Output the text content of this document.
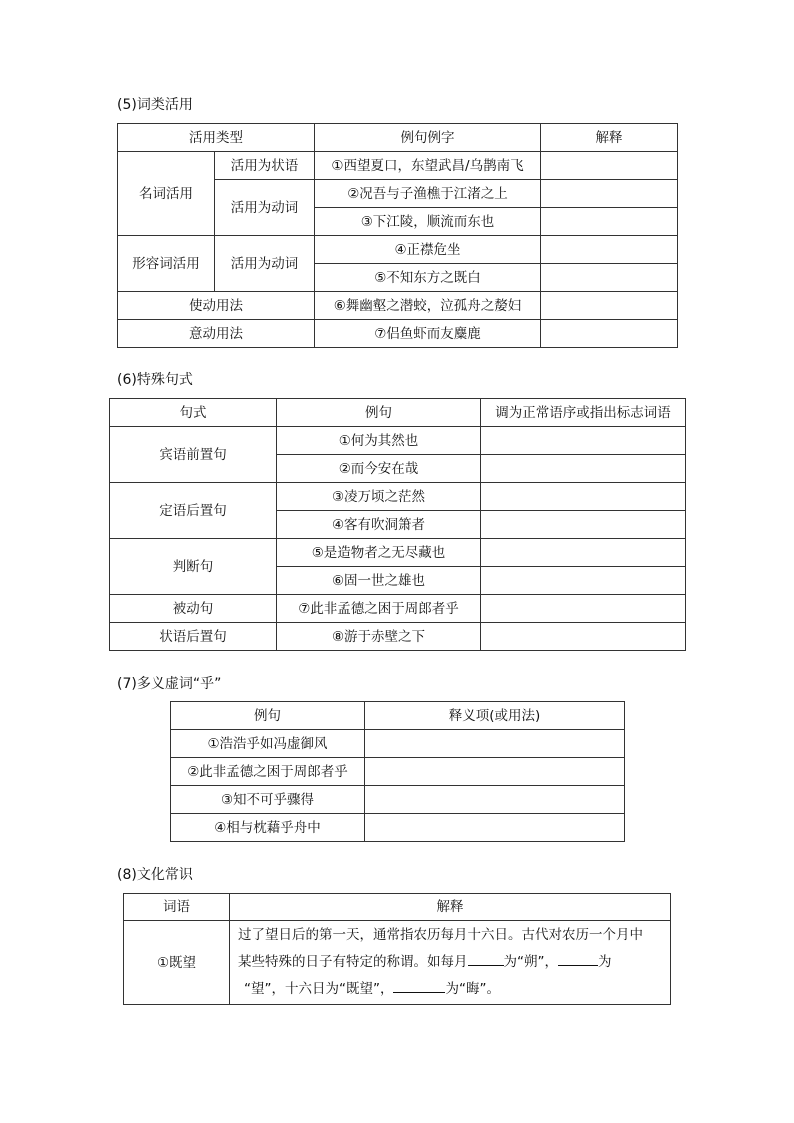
(5)词类活用
活用类型		例句例字	解释
名词活用	活用为状语	①西望夏口，东望武昌/乌鹊南飞	
	活用为动词	②况吾与子渔樵于江渚之上	
		③下江陵，顺流而东也	
形容词活用	活用为动词	④正襟危坐	
		⑤不知东方之既白	
使动用法		⑥舞幽壑之潜蛟，泣孤舟之嫠妇	
意动用法		⑦侣鱼虾而友麋鹿	
(6)特殊句式
句式	例句	调为正常语序或指出标志词语
宾语前置句	①何为其然也	
	②而今安在哉	
定语后置句	③凌万顷之茫然	
	④客有吹洞箫者	
判断句	⑤是造物者之无尽藏也	
	⑥固一世之雄也	
被动句	⑦此非孟德之困于周郎者乎	
状语后置句	⑧游于赤壁之下	
(7)多义虚词“乎”
例句	释义项(或用法)
①浩浩乎如冯虚御风	
②此非孟德之困于周郎者乎	
③知不可乎骤得	
④相与枕藉乎舟中	
(8)文化常识
词语	解释
①既望	过了望日后的第一天，通常指农历每月十六日。古代对农历一个月中
某些特殊的日子有特定的称谓。如每月 为“朔”， 为
“望”，十六日为“既望”， 为“晦”。
